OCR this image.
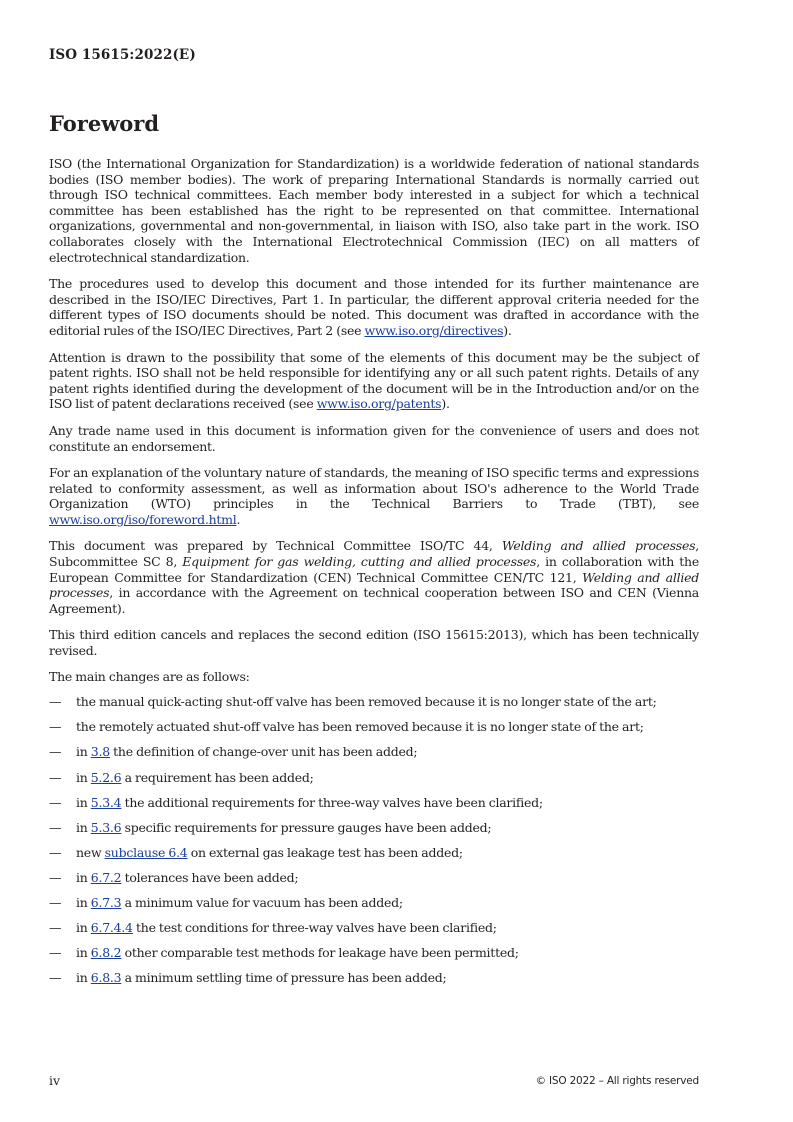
ISO 15615:2022(E)
Foreword

ISO (the International Organization for Standardization) is a worldwide federation of national standards bodies (ISO member bodies). The work of preparing International Standards is normally carried out through ISO technical committees. Each member body interested in a subject for which a technical committee has been established has the right to be represented on that committee. International organizations, governmental and non-governmental, in liaison with ISO, also take part in the work. ISO collaborates closely with the International Electrotechnical Commission (IEC) on all matters of electrotechnical standardization.

The procedures used to develop this document and those intended for its further maintenance are described in the ISO/IEC Directives, Part 1. In particular, the different approval criteria needed for the different types of ISO documents should be noted. This document was drafted in accordance with the editorial rules of the ISO/IEC Directives, Part 2 (see www.iso.org/directives).

Attention is drawn to the possibility that some of the elements of this document may be the subject of patent rights. ISO shall not be held responsible for identifying any or all such patent rights. Details of any patent rights identified during the development of the document will be in the Introduction and/or on the ISO list of patent declarations received (see www.iso.org/patents).

Any trade name used in this document is information given for the convenience of users and does not constitute an endorsement.

For an explanation of the voluntary nature of standards, the meaning of ISO specific terms and expressions related to conformity assessment, as well as information about ISO's adherence to the World Trade Organization (WTO) principles in the Technical Barriers to Trade (TBT), see www.iso.org/iso/foreword.html.

This document was prepared by Technical Committee ISO/TC 44, Welding and allied processes, Subcommittee SC 8, Equipment for gas welding, cutting and allied processes, in collaboration with the European Committee for Standardization (CEN) Technical Committee CEN/TC 121, Welding and allied processes, in accordance with the Agreement on technical cooperation between ISO and CEN (Vienna Agreement).

This third edition cancels and replaces the second edition (ISO 15615:2013), which has been technically revised.

The main changes are as follows:

— the manual quick-acting shut-off valve has been removed because it is no longer state of the art;
— the remotely actuated shut-off valve has been removed because it is no longer state of the art;
— in 3.8 the definition of change-over unit has been added;
— in 5.2.6 a requirement has been added;
— in 5.3.4 the additional requirements for three-way valves have been clarified;
— in 5.3.6 specific requirements for pressure gauges have been added;
— new subclause 6.4 on external gas leakage test has been added;
— in 6.7.2 tolerances have been added;
— in 6.7.3 a minimum value for vacuum has been added;
— in 6.7.4.4 the test conditions for three-way valves have been clarified;
— in 6.8.2 other comparable test methods for leakage have been permitted;
— in 6.8.3 a minimum settling time of pressure has been added;
iv	© ISO 2022 – All rights reserved
